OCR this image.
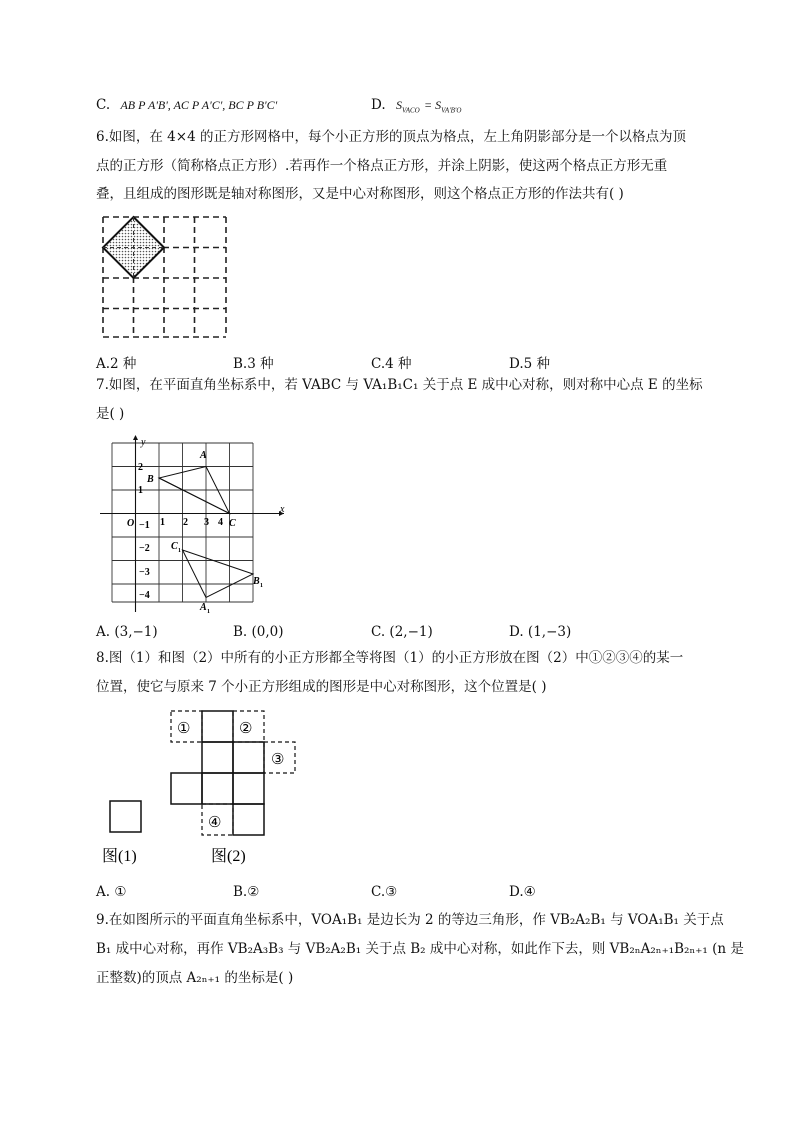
C. AB P A'B', AC P A'C', BC P B'C'	D. $S_{VACO} = S_{VA'B'O}$
6.如图，在 4×4 的正方形网格中，每个小正方形的顶点为格点，左上角阴影部分是一个以格点为顶
点的正方形（简称格点正方形）.若再作一个格点正方形，并涂上阴影，使这两个格点正方形无重
叠，且组成的图形既是轴对称图形，又是中心对称图形，则这个格点正方形的作法共有( )
A.2 种	B.3 种	C.4 种	D.5 种
7.如图，在平面直角坐标系中，若 VABC 与 VA₁B₁C₁ 关于点 E 成中心对称，则对称中心点 E 的坐标
是( )
y
x
O	1 2 3 4
2
1
−1
−2
−3
−4
A
B
C
C 1
B 1
A 1
A. (3,−1)	B. (0,0)	C. (2,−1)	D. (1,−3)
8.图（1）和图（2）中所有的小正方形都全等将图（1）的小正方形放在图（2）中①②③④的某一
位置，使它与原来 7 个小正方形组成的图形是中心对称图形，这个位置是( )
①	②
③
④
图(1)	图(2)
A. ①	B.②	C.③	D.④
9.在如图所示的平面直角坐标系中，VOA₁B₁ 是边长为 2 的等边三角形，作 VB₂A₂B₁ 与 VOA₁B₁ 关于点
B₁ 成中心对称，再作 VB₂A₃B₃ 与 VB₂A₂B₁ 关于点 B₂ 成中心对称，如此作下去，则 VB₂ₙA₂ₙ₊₁B₂ₙ₊₁ (n 是
正整数)的顶点 A₂ₙ₊₁ 的坐标是( )
